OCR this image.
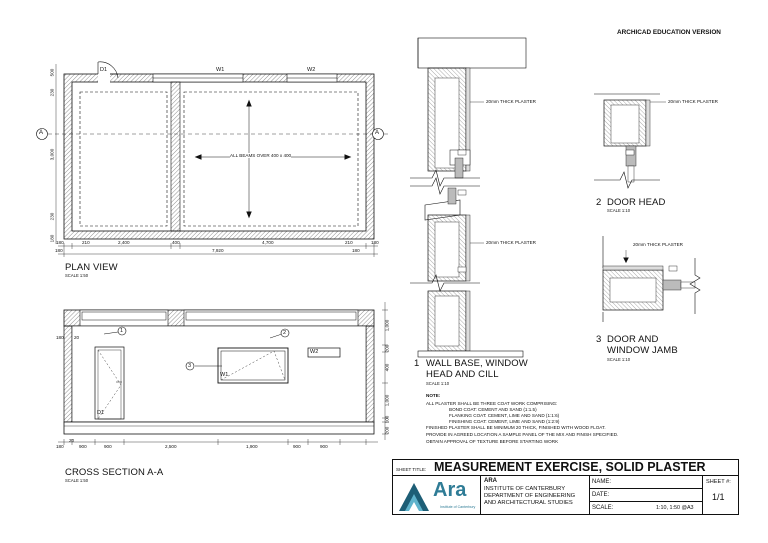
ARCHICAD EDUCATION VERSION
D1	W1	W2
A	A
ALL BEAMS OVER 400 x 400
500
230
3,000
230
180
180	210	2,400	400	4,700	210	180
180	7,920	180
PLAN VIEW
SCALE 1:50
180 20
1	2
3
D1
W1
W2
1,000
200
400
1,000
100
200
180
20
900	900	2,500	1,900	900	900
CROSS SECTION A-A
SCALE 1:50
20mm THICK PLASTER
20mm THICK PLASTER
20mm THICK PLASTER
20mm THICK PLASTER
1 WALL BASE, WINDOW
HEAD AND CILL
SCALE 1:10
2 DOOR HEAD
SCALE 1:10
3 DOOR AND
WINDOW JAMB
SCALE 1:10
NOTE:
ALL PLASTER SHALL BE THREE COAT WORK COMPRISING:
BOND COAT: CEMENT AND SAND (1:1.5)
FLANKING COAT: CEMENT, LIME AND SAND (1:1:6)
FINISHING COAT: CEMENT, LIME AND SAND (1:2:9)
FINISHED PLASTER SHALL BE MINIMUM 20 THICK, FINISHED WITH WOOD FLOAT.
PROVIDE IN AGREED LOCATION A SAMPLE PANEL OF THE MIX AND FINISH SPECIFIED.
OBTAIN APPROVAL OF TEXTURE BEFORE STARTING WORK
SHEET TITLE: MEASUREMENT EXERCISE, SOLID PLASTER
Ara
Institute of Canterbury
ARA
INSTITUTE OF CANTERBURY
DEPARTMENT OF ENGINEERING
AND ARCHITECTURAL STUDIES
NAME:
DATE:
SCALE:	1:10, 1:50 @A3
SHEET #:
1/1
